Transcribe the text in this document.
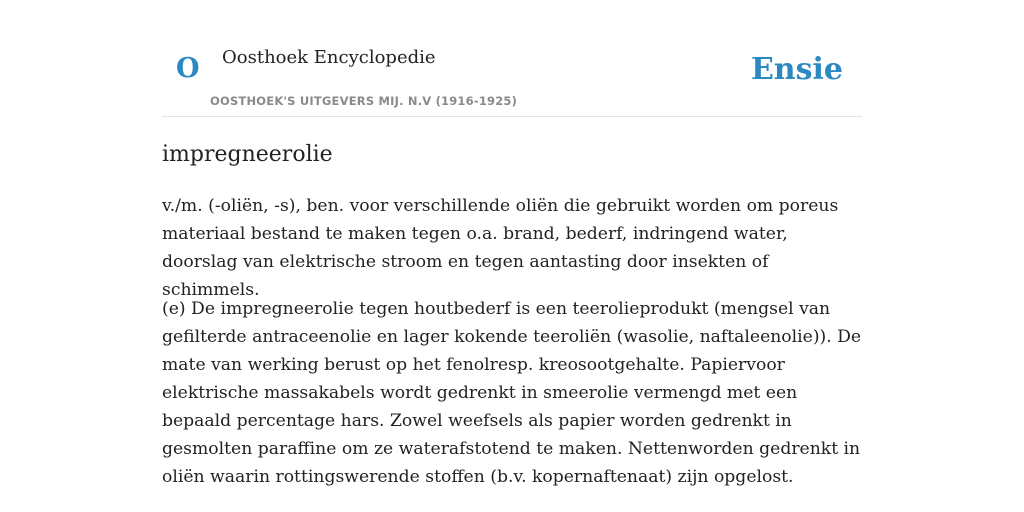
O Oosthoek Encyclopedie
OOSTHOEK'S UITGEVERS MIJ. N.V (1916-1925)
Ensie
impregneerolie

v./m. (-oliën, -s), ben. voor verschillende oliën die gebruikt worden om poreus materiaal bestand te maken tegen o.a. brand, bederf, indringend water, doorslag van elektrische stroom en tegen aantasting door insekten of schimmels.

(e) De impregneerolie tegen houtbederf is een teerolieprodukt (mengsel van gefilterde antraceenolie en lager kokende teeroliën (wasolie, naftaleenolie)). De mate van werking berust op het fenolresp. kreosootgehalte. Papiervoor elektrische massakabels wordt gedrenkt in smeerolie vermengd met een bepaald percentage hars. Zowel weefsels als papier worden gedrenkt in gesmolten paraffine om ze waterafstotend te maken. Nettenworden gedrenkt in oliën waarin rottingswerende stoffen (b.v. kopernaftenaat) zijn opgelost.
